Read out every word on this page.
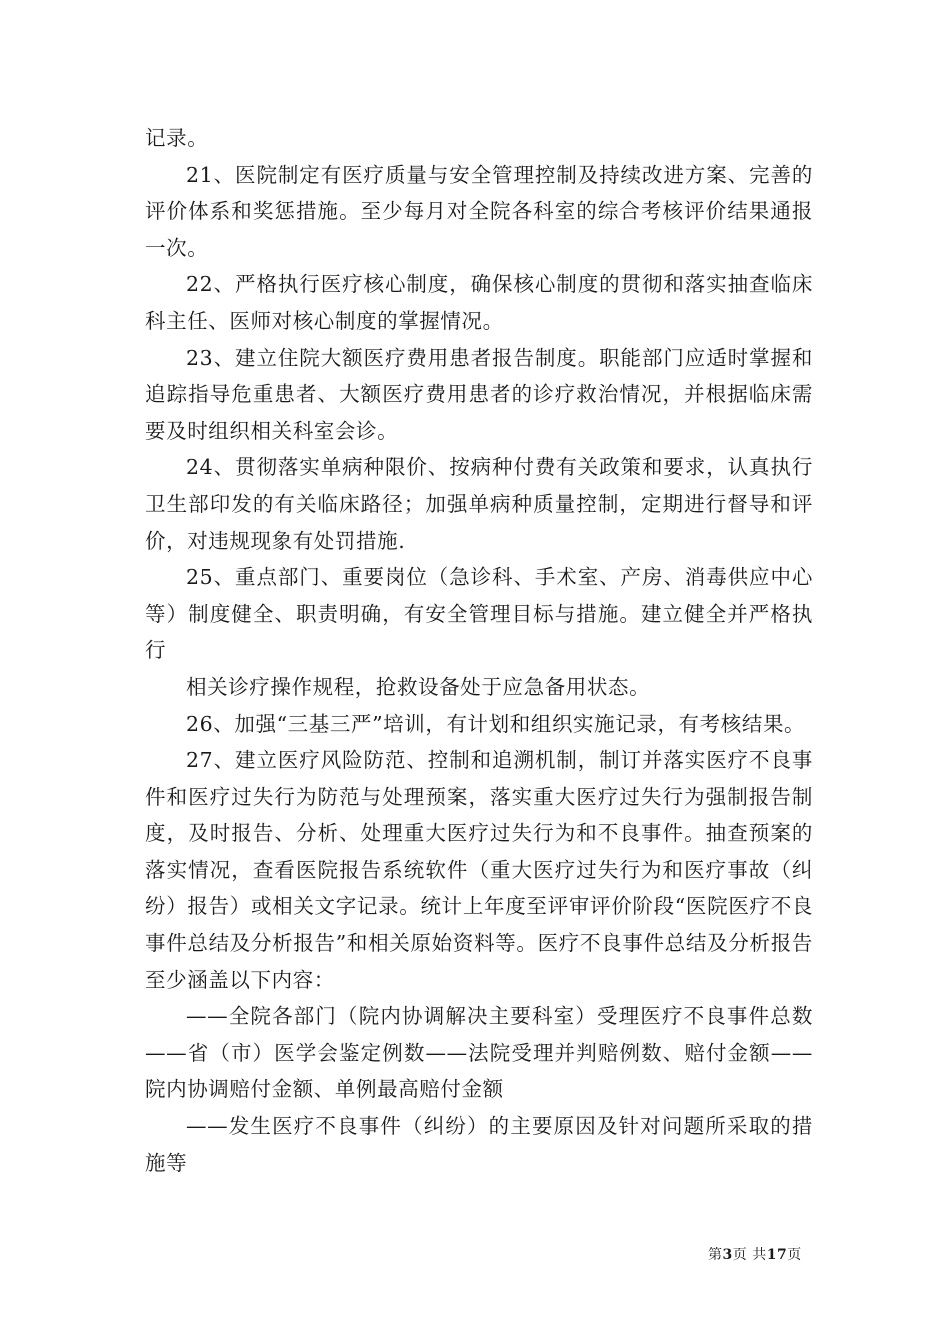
记录。

21、医院制定有医疗质量与安全管理控制及持续改进方案、完善的评价体系和奖惩措施。至少每月对全院各科室的综合考核评价结果通报一次。

22、严格执行医疗核心制度，确保核心制度的贯彻和落实抽查临床科主任、医师对核心制度的掌握情况。

23、建立住院大额医疗费用患者报告制度。职能部门应适时掌握和追踪指导危重患者、大额医疗费用患者的诊疗救治情况，并根据临床需要及时组织相关科室会诊。

24、贯彻落实单病种限价、按病种付费有关政策和要求，认真执行卫生部印发的有关临床路径；加强单病种质量控制，定期进行督导和评价，对违规现象有处罚措施.

25、重点部门、重要岗位（急诊科、手术室、产房、消毒供应中心等）制度健全、职责明确，有安全管理目标与措施。建立健全并严格执行

相关诊疗操作规程，抢救设备处于应急备用状态。

26、加强“三基三严”培训，有计划和组织实施记录，有考核结果。

27、建立医疗风险防范、控制和追溯机制，制订并落实医疗不良事件和医疗过失行为防范与处理预案，落实重大医疗过失行为强制报告制度，及时报告、分析、处理重大医疗过失行为和不良事件。抽查预案的落实情况，查看医院报告系统软件（重大医疗过失行为和医疗事故（纠纷）报告）或相关文字记录。统计上年度至评审评价阶段“医院医疗不良事件总结及分析报告”和相关原始资料等。医疗不良事件总结及分析报告至少涵盖以下内容：

——全院各部门（院内协调解决主要科室）受理医疗不良事件总数——省（市）医学会鉴定例数——法院受理并判赔例数、赔付金额——院内协调赔付金额、单例最高赔付金额

——发生医疗不良事件（纠纷）的主要原因及针对问题所采取的措施等

第3页 共17页
